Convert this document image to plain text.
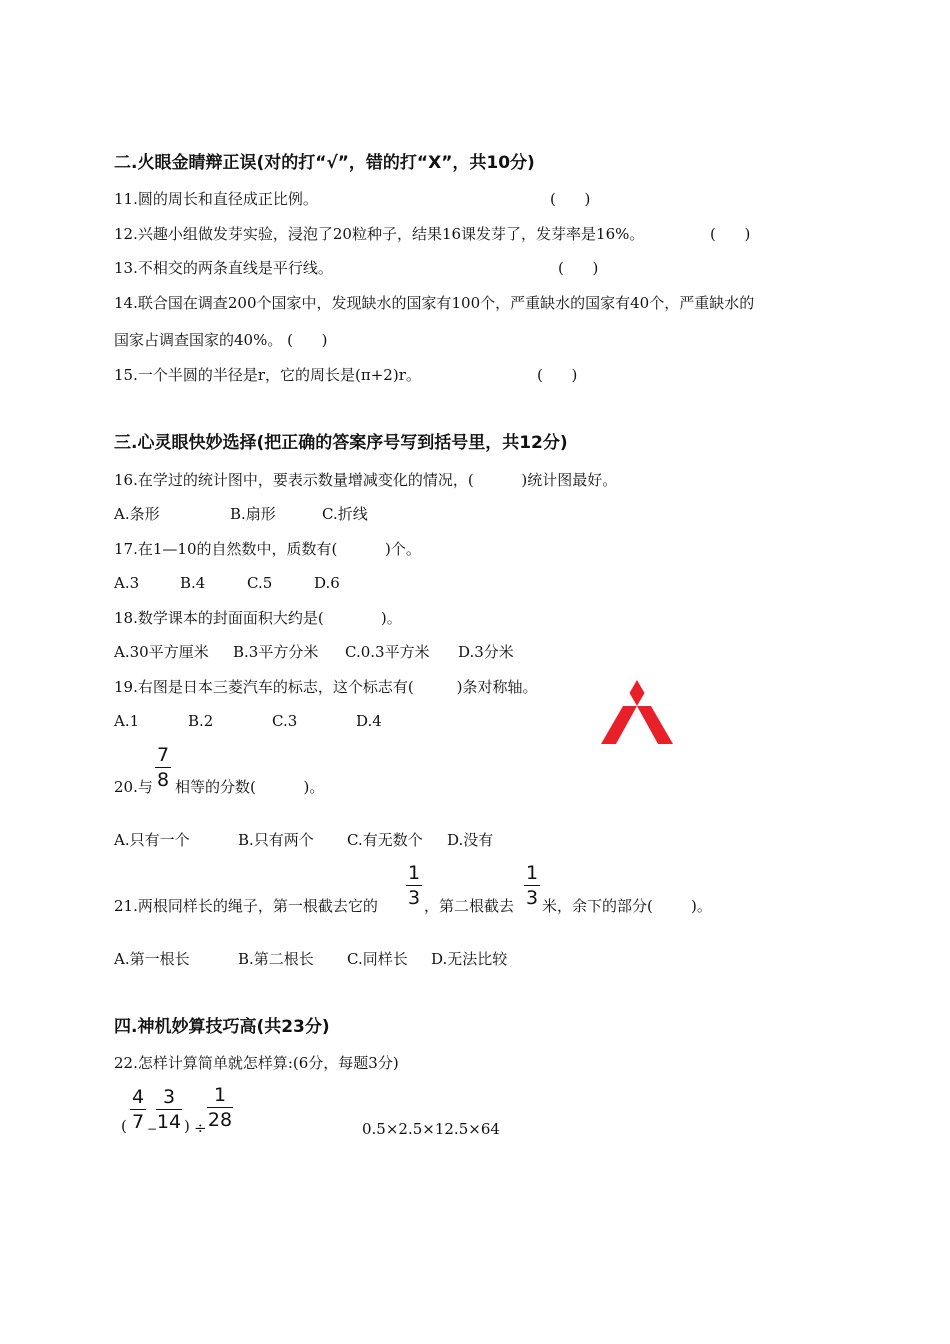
二.火眼金睛辩正误(对的打“√”，错的打“X”，共10分)
11.圆的周长和直径成正比例。	(      )
12.兴趣小组做发芽实验，浸泡了20粒种子，结果16课发芽了，发芽率是16%。	(      )
13.不相交的两条直线是平行线。	(      )
14.联合国在调查200个国家中，发现缺水的国家有100个，严重缺水的国家有40个，严重缺水的
国家占调查国家的40%。 (      )
15.一个半圆的半径是r，它的周长是(π+2)r。	(      )
三.心灵眼快妙选择(把正确的答案序号写到括号里，共12分)
16.在学过的统计图中，要表示数量增减变化的情况，(          )统计图最好。
A.条形	B.扇形	C.折线
17.在1—10的自然数中，质数有(          )个。
A.3	B.4	C.5	D.6
18.数学课本的封面面积大约是(            )。
A.30平方厘米 B.3平方分米 C.0.3平方米 D.3分米
19.右图是日本三菱汽车的标志，这个标志有(         )条对称轴。
A.1	B.2	C.3	D.4
20.与
7
8 相等的分数(          )。
A.只有一个	B.只有两个 C.有无数个 D.没有
21.两根同样长的绳子，第一根截去它的
1
3 ，第二根截去
1
3 米，余下的部分(        )。
A.第一根长	B.第二根长 C.同样长 D.无法比较
四.神机妙算技巧高(共23分)
22.怎样计算简单就怎样算:(6分，每题3分)
(
4
7 −
3
14 ) ÷
1
28	0.5×2.5×12.5×64
